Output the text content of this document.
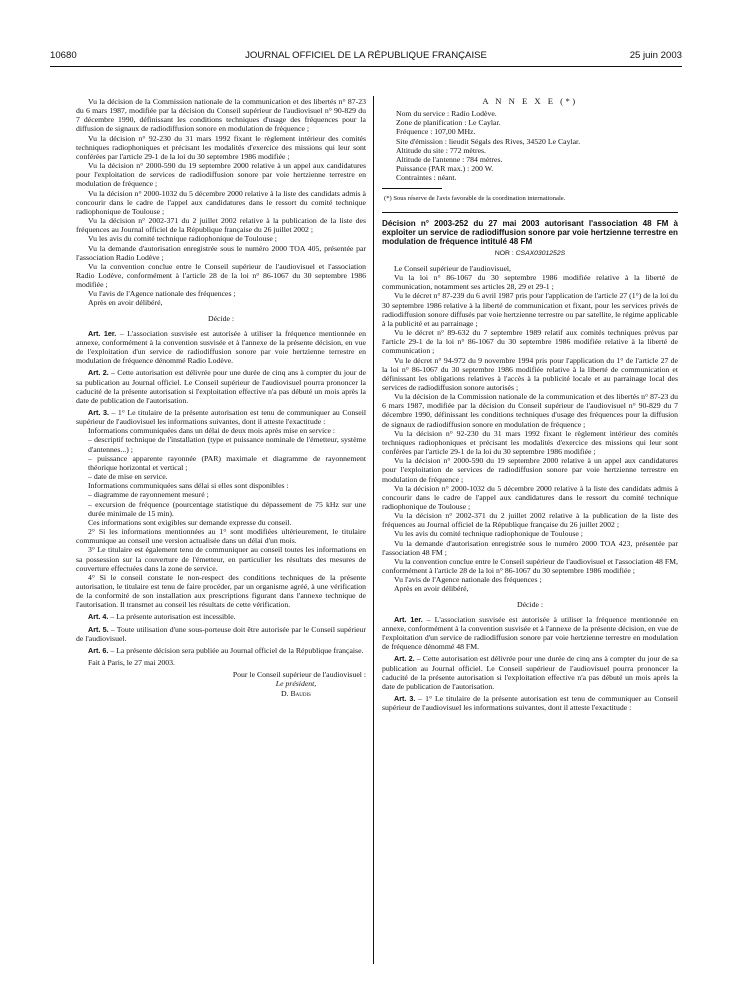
10680	JOURNAL OFFICIEL DE LA RÉPUBLIQUE FRANÇAISE	25 juin 2003

Vu la décision de la Commission nationale de la communication et des libertés n° 87-23 du 6 mars 1987, modifiée par la décision du Conseil supérieur de l'audiovisuel n° 90-829 du 7 décembre 1990, définissant les conditions techniques d'usage des fréquences pour la diffusion de signaux de radiodiffusion sonore en modulation de fréquence ;

Vu la décision n° 92-230 du 31 mars 1992 fixant le règlement intérieur des comités techniques radiophoniques et précisant les modalités d'exercice des missions qui leur sont conférées par l'article 29-1 de la loi du 30 septembre 1986 modifiée ;

Vu la décision n° 2000-590 du 19 septembre 2000 relative à un appel aux candidatures pour l'exploitation de services de radiodiffusion sonore par voie hertzienne terrestre en modulation de fréquence ;

Vu la décision n° 2000-1032 du 5 décembre 2000 relative à la liste des candidats admis à concourir dans le cadre de l'appel aux candidatures dans le ressort du comité technique radiophonique de Toulouse ;

Vu la décision n° 2002-371 du 2 juillet 2002 relative à la publication de la liste des fréquences au Journal officiel de la République française du 26 juillet 2002 ;

Vu les avis du comité technique radiophonique de Toulouse ;

Vu la demande d'autorisation enregistrée sous le numéro 2000 TOA 405, présentée par l'association Radio Lodève ;

Vu la convention conclue entre le Conseil supérieur de l'audiovisuel et l'association Radio Lodève, conformément à l'article 28 de la loi n° 86-1067 du 30 septembre 1986 modifiée ;

Vu l'avis de l'Agence nationale des fréquences ;

Après en avoir délibéré,

Décide :

Art. 1er. – L'association susvisée est autorisée à utiliser la fréquence mentionnée en annexe, conformément à la convention susvisée et à l'annexe de la présente décision, en vue de l'exploitation d'un service de radiodiffusion sonore par voie hertzienne terrestre en modulation de fréquence dénommé Radio Lodève.

Art. 2. – Cette autorisation est délivrée pour une durée de cinq ans à compter du jour de sa publication au Journal officiel. Le Conseil supérieur de l'audiovisuel pourra prononcer la caducité de la présente autorisation si l'exploitation effective n'a pas débuté un mois après la date de publication de l'autorisation.

Art. 3. – 1° Le titulaire de la présente autorisation est tenu de communiquer au Conseil supérieur de l'audiovisuel les informations suivantes, dont il atteste l'exactitude :

Informations communiquées dans un délai de deux mois après mise en service :

– descriptif technique de l'installation (type et puissance nominale de l'émetteur, système d'antennes...) ;

– puissance apparente rayonnée (PAR) maximale et diagramme de rayonnement théorique horizontal et vertical ;

– date de mise en service.

Informations communiquées sans délai si elles sont disponibles :

– diagramme de rayonnement mesuré ;

– excursion de fréquence (pourcentage statistique du dépassement de 75 kHz sur une durée minimale de 15 min).

Ces informations sont exigibles sur demande expresse du conseil.

2° Si les informations mentionnées au 1° sont modifiées ultérieurement, le titulaire communique au conseil une version actualisée dans un délai d'un mois.

3° Le titulaire est également tenu de communiquer au conseil toutes les informations en sa possession sur la couverture de l'émetteur, en particulier les résultats des mesures de couverture effectuées dans la zone de service.

4° Si le conseil constate le non-respect des conditions techniques de la présente autorisation, le titulaire est tenu de faire procéder, par un organisme agréé, à une vérification de la conformité de son installation aux prescriptions figurant dans l'annexe technique de l'autorisation. Il transmet au conseil les résultats de cette vérification.

Art. 4. – La présente autorisation est incessible.

Art. 5. – Toute utilisation d'une sous-porteuse doit être autorisée par le Conseil supérieur de l'audiovisuel.

Art. 6. – La présente décision sera publiée au Journal officiel de la République française.

Fait à Paris, le 27 mai 2003.

Pour le Conseil supérieur de l'audiovisuel :

Le président,

D. Baudis

A N N E X E (*)

Nom du service : Radio Lodève.

Zone de planification : Le Caylar.

Fréquence : 107,00 MHz.

Site d'émission : lieudit Ségals des Rives, 34520 Le Caylar.

Altitude du site : 772 mètres.

Altitude de l'antenne : 784 mètres.

Puissance (PAR max.) : 200 W.

Contraintes : néant.

(*) Sous réserve de l'avis favorable de la coordination internationale.

Décision n° 2003-252 du 27 mai 2003 autorisant l'association 48 FM à exploiter un service de radiodiffusion sonore par voie hertzienne terrestre en modulation de fréquence intitulé 48 FM

NOR : CSAX0301252S

Le Conseil supérieur de l'audiovisuel,

Vu la loi n° 86-1067 du 30 septembre 1986 modifiée relative à la liberté de communication, notamment ses articles 28, 29 et 29-1 ;

Vu le décret n° 87-239 du 6 avril 1987 pris pour l'application de l'article 27 (1°) de la loi du 30 septembre 1986 relative à la liberté de communication et fixant, pour les services privés de radiodiffusion sonore diffusés par voie hertzienne terrestre ou par satellite, le régime applicable à la publicité et au parrainage ;

Vu le décret n° 89-632 du 7 septembre 1989 relatif aux comités techniques prévus par l'article 29-1 de la loi n° 86-1067 du 30 septembre 1986 modifiée relative à la liberté de communication ;

Vu le décret n° 94-972 du 9 novembre 1994 pris pour l'application du 1° de l'article 27 de la loi n° 86-1067 du 30 septembre 1986 modifiée relative à la liberté de communication et définissant les obligations relatives à l'accès à la publicité locale et au parrainage local des services de radiodiffusion sonore autorisés ;

Vu la décision de la Commission nationale de la communication et des libertés n° 87-23 du 6 mars 1987, modifiée par la décision du Conseil supérieur de l'audiovisuel n° 90-829 du 7 décembre 1990, définissant les conditions techniques d'usage des fréquences pour la diffusion de signaux de radiodiffusion sonore en modulation de fréquence ;

Vu la décision n° 92-230 du 31 mars 1992 fixant le règlement intérieur des comités techniques radiophoniques et précisant les modalités d'exercice des missions qui leur sont conférées par l'article 29-1 de la loi du 30 septembre 1986 modifiée ;

Vu la décision n° 2000-590 du 19 septembre 2000 relative à un appel aux candidatures pour l'exploitation de services de radiodiffusion sonore par voie hertzienne terrestre en modulation de fréquence ;

Vu la décision n° 2000-1032 du 5 décembre 2000 relative à la liste des candidats admis à concourir dans le cadre de l'appel aux candidatures dans le ressort du comité technique radiophonique de Toulouse ;

Vu la décision n° 2002-371 du 2 juillet 2002 relative à la publication de la liste des fréquences au Journal officiel de la République française du 26 juillet 2002 ;

Vu les avis du comité technique radiophonique de Toulouse ;

Vu la demande d'autorisation enregistrée sous le numéro 2000 TOA 423, présentée par l'association 48 FM ;

Vu la convention conclue entre le Conseil supérieur de l'audiovisuel et l'association 48 FM, conformément à l'article 28 de la loi n° 86-1067 du 30 septembre 1986 modifiée ;

Vu l'avis de l'Agence nationale des fréquences ;

Après en avoir délibéré,

Décide :

Art. 1er. – L'association susvisée est autorisée à utiliser la fréquence mentionnée en annexe, conformément à la convention susvisée et à l'annexe de la présente décision, en vue de l'exploitation d'un service de radiodiffusion sonore par voie hertzienne terrestre en modulation de fréquence dénommé 48 FM.

Art. 2. – Cette autorisation est délivrée pour une durée de cinq ans à compter du jour de sa publication au Journal officiel. Le Conseil supérieur de l'audiovisuel pourra prononcer la caducité de la présente autorisation si l'exploitation effective n'a pas débuté un mois après la date de publication de l'autorisation.

Art. 3. – 1° Le titulaire de la présente autorisation est tenu de communiquer au Conseil supérieur de l'audiovisuel les informations suivantes, dont il atteste l'exactitude :
